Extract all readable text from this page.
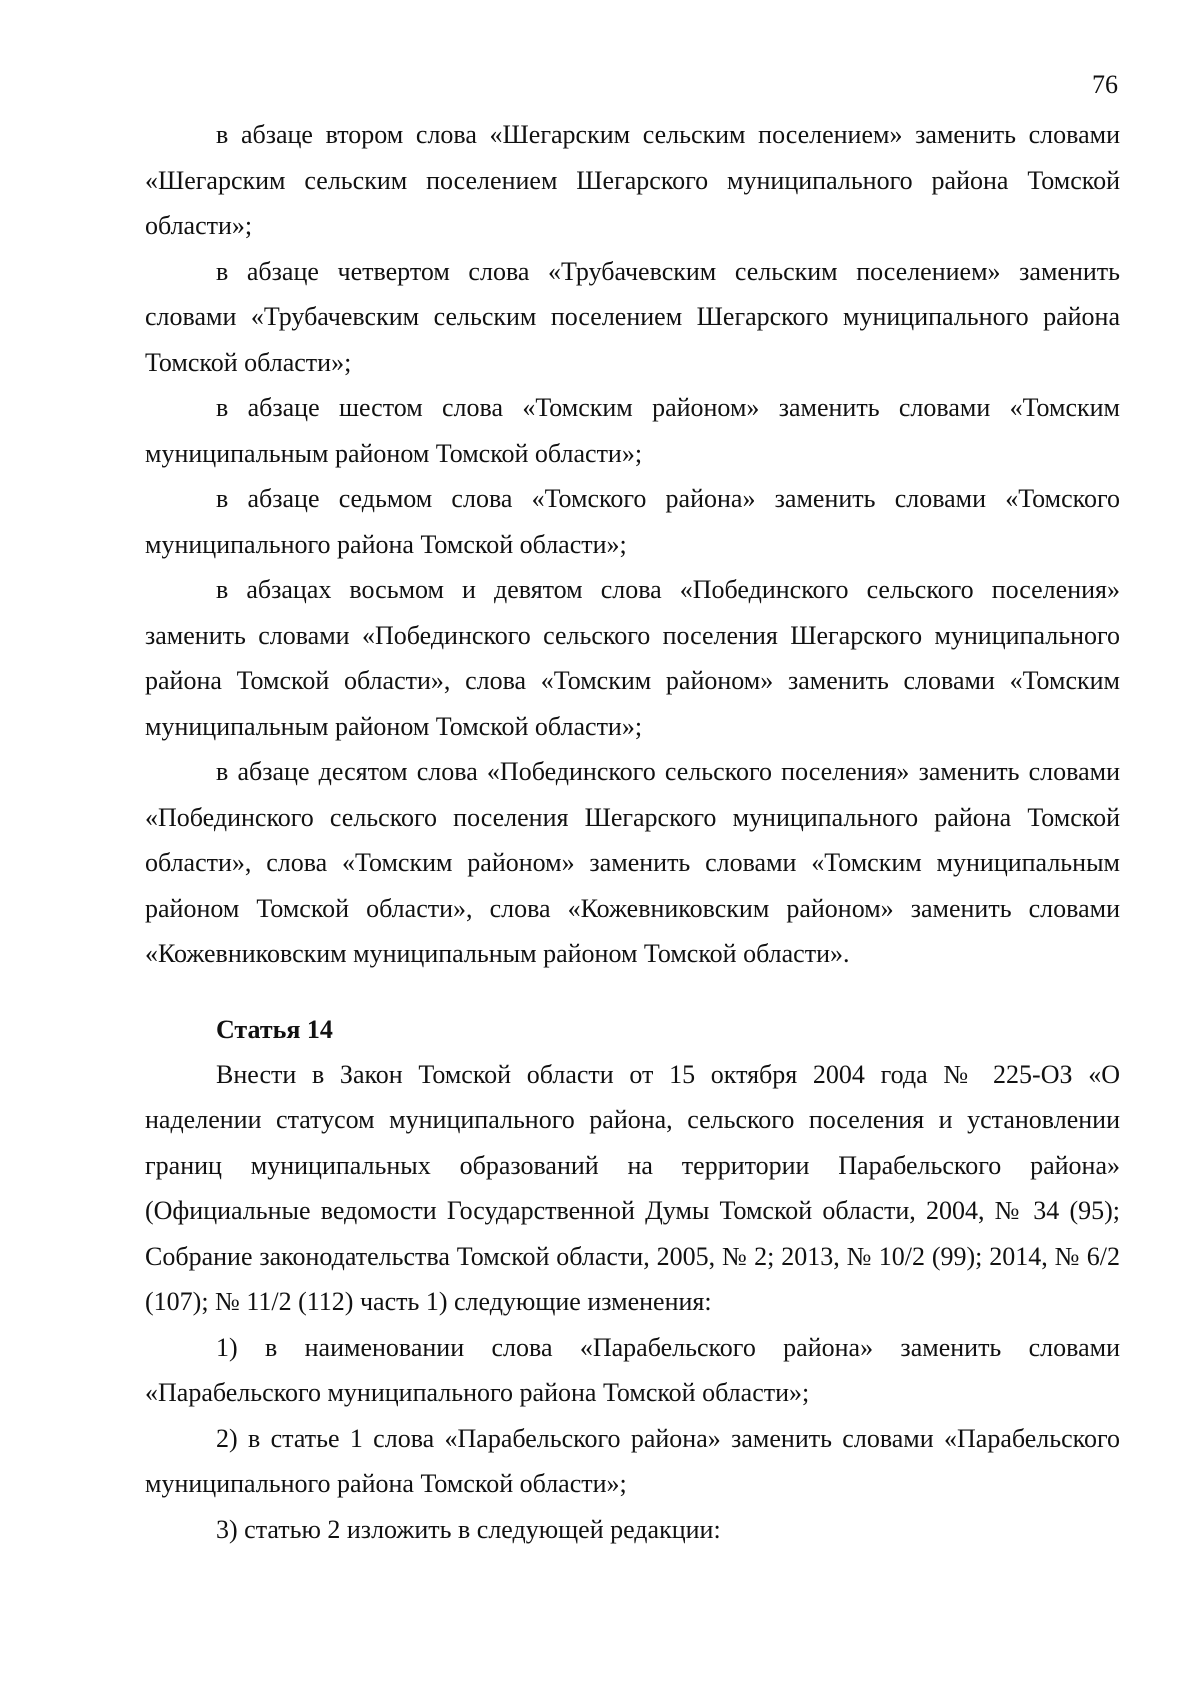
76

в абзаце втором слова «Шегарским сельским поселением» заменить словами «Шегарским сельским поселением Шегарского муниципального района Томской области»;

в абзаце четвертом слова «Трубачевским сельским поселением» заменить словами «Трубачевским сельским поселением Шегарского муниципального района Томской области»;

в абзаце шестом слова «Томским районом» заменить словами «Томским муниципальным районом Томской области»;

в абзаце седьмом слова «Томского района» заменить словами «Томского муниципального района Томской области»;

в абзацах восьмом и девятом слова «Побединского сельского поселения» заменить словами «Побединского сельского поселения Шегарского муниципального района Томской области», слова «Томским районом» заменить словами «Томским муниципальным районом Томской области»;

в абзаце десятом слова «Побединского сельского поселения» заменить словами «Побединского сельского поселения Шегарского муниципального района Томской области», слова «Томским районом» заменить словами «Томским муниципальным районом Томской области», слова «Кожевниковским районом» заменить словами «Кожевниковским муниципальным районом Томской области».

Статья 14

Внести в Закон Томской области от 15 октября 2004 года № 225-ОЗ «О наделении статусом муниципального района, сельского поселения и установлении границ муниципальных образований на территории Парабельского района» (Официальные ведомости Государственной Думы Томской области, 2004, № 34 (95); Собрание законодательства Томской области, 2005, № 2; 2013, № 10/2 (99); 2014, № 6/2 (107); № 11/2 (112) часть 1) следующие изменения:

1) в наименовании слова «Парабельского района» заменить словами «Парабельского муниципального района Томской области»;

2) в статье 1 слова «Парабельского района» заменить словами «Парабельского муниципального района Томской области»;

3) статью 2 изложить в следующей редакции:
